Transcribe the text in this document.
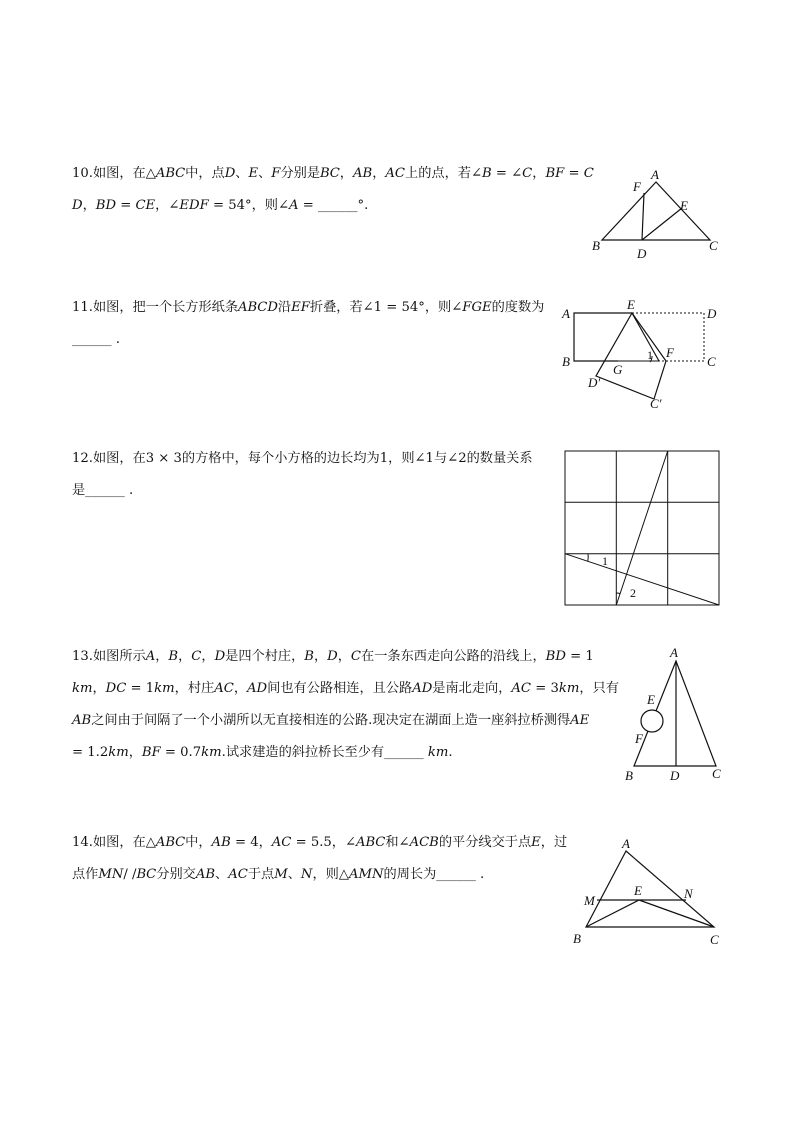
10.如图，在△𝐴𝐵𝐶中，点𝐷、𝐸、𝐹分别是𝐵𝐶，𝐴𝐵，𝐴𝐶上的点，若∠𝐵 = ∠𝐶，𝐵𝐹 = 𝐶
𝐷，𝐵𝐷 = 𝐶𝐸，∠𝐸𝐷𝐹 = 54°，则∠𝐴 = ______°.
A
F
E
B
D
C
11.如图，把一个长方形纸条𝐴𝐵𝐶𝐷沿𝐸𝐹折叠，若∠1 = 54°，则∠𝐹𝐺𝐸的度数为
______ .
A
B
E
D
C
F
1
G
D′
C′
12.如图，在3 × 3的方格中，每个小方格的边长均为1，则∠1与∠2的数量关系
是______ .
1
2
13.如图所示𝐴，𝐵，𝐶，𝐷是四个村庄，𝐵，𝐷，𝐶在一条东西走向公路的沿线上，𝐵𝐷 = 1
𝑘𝑚，𝐷𝐶 = 1𝑘𝑚，村庄𝐴𝐶，𝐴𝐷间也有公路相连，且公路𝐴𝐷是南北走向，𝐴𝐶 = 3𝑘𝑚，只有
𝐴𝐵之间由于间隔了一个小湖所以无直接相连的公路.现决定在湖面上造一座斜拉桥测得𝐴𝐸
= 1.2𝑘𝑚，𝐵𝐹 = 0.7𝑘𝑚.试求建造的斜拉桥长至少有______ 𝑘𝑚.
A
E
F
B	D	C
14.如图，在△𝐴𝐵𝐶中，𝐴𝐵 = 4，𝐴𝐶 = 5.5，∠𝐴𝐵𝐶和∠𝐴𝐶𝐵的平分线交于点𝐸，过
点作𝑀𝑁/ /𝐵𝐶分别交𝐴𝐵、𝐴𝐶于点𝑀、𝑁，则△𝐴𝑀𝑁的周长为______ .
A
M
E	N
B	C
